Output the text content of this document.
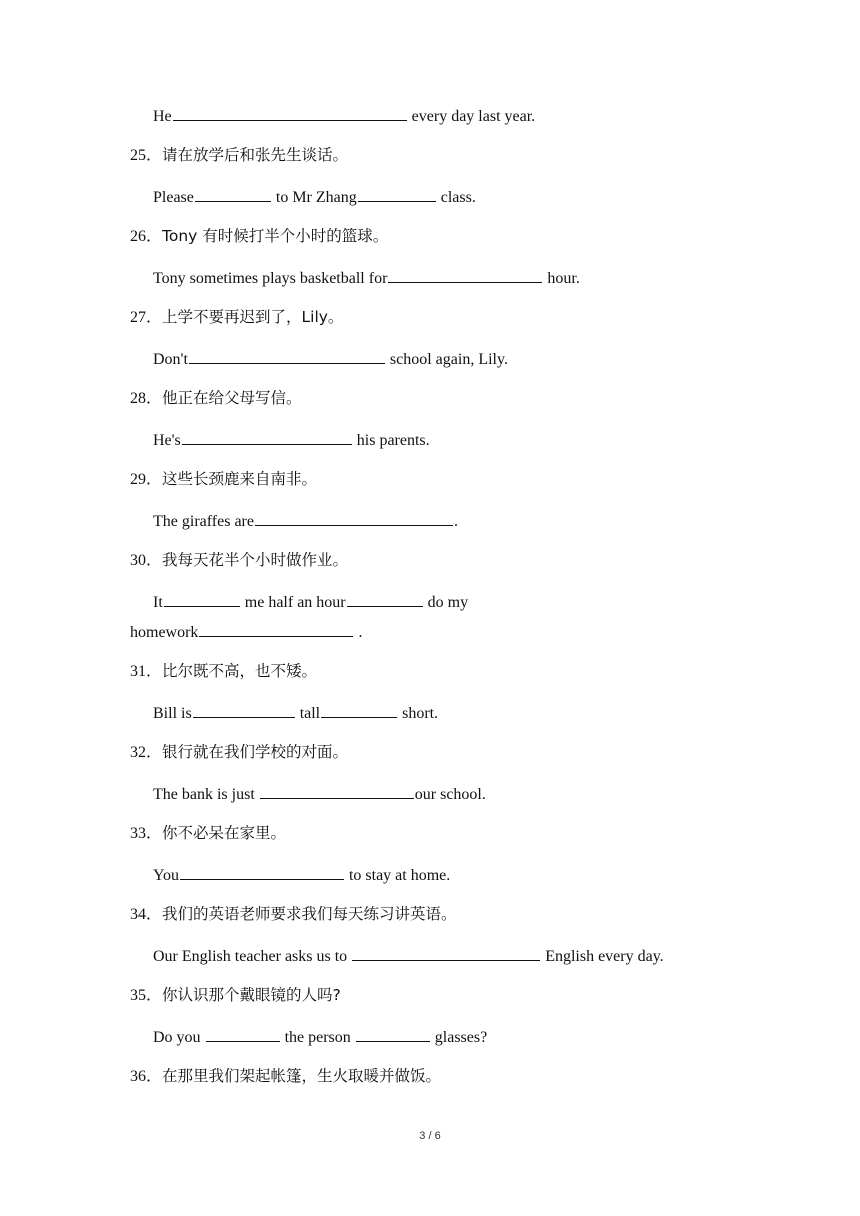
He	every day last year.
25．请在放学后和张先生谈话。
Please	to Mr Zhang	class.
26．Tony 有时候打半个小时的篮球。
Tony sometimes plays basketball for	hour.
27．上学不要再迟到了，Lily。
Don't	school again, Lily.
28．他正在给父母写信。
He's	his parents.
29．这些长颈鹿来自南非。
The giraffes are	.
30．我每天花半个小时做作业。
It	me half an hour	do my
homework	.
31．比尔既不高，也不矮。
Bill is	tall	short.
32．银行就在我们学校的对面。
The bank is just	our school.
33．你不必呆在家里。
You	to stay at home.
34．我们的英语老师要求我们每天练习讲英语。
Our English teacher asks us to	English every day.
35．你认识那个戴眼镜的人吗?
Do you	the person	glasses?
36．在那里我们架起帐篷，生火取暖并做饭。
3 / 6
